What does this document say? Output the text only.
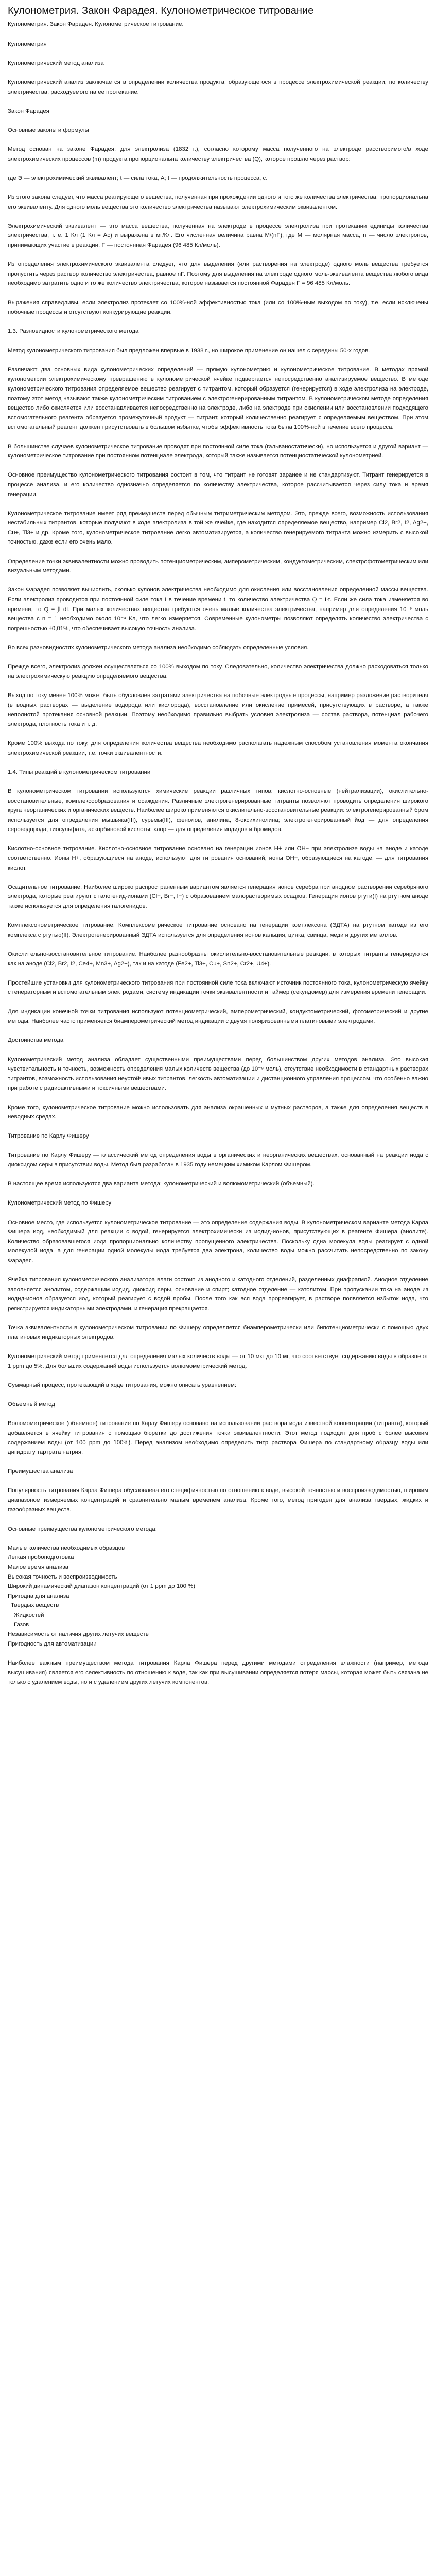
Кулонометрия. Закон Фарадея. Кулонометрическое титрование
Кулонометрия. Закон Фарадея. Кулонометрическое титрование.

Кулонометрия

Кулонометрический метод анализа

Кулонометрический анализ заключается в определении количества продукта, образующегося в процессе электрохимической реакции, по количеству электричества, расходуемого на ее протекание.

Закон Фарадея

Основные законы и формулы

Метод основан на законе Фарадея: для электролиза (1832 г.), согласно которому масса полученного на электроде расстворимого/в ходе электрохимических процессов (m) продукта пропорциональна количеству электричества (Q), которое прошло через раствор:

где Э — электрохимический эквивалент; t — сила тока, А; t — продолжительность процесса, с.

Из этого закона следует, что масса реагирующего вещества, полученная при прохождении одного и того же количества электричества, пропорциональна его эквиваленту. Для одного моль вещества это количество электричества называют электрохимическим эквивалентом.

Электрохимический эквивалент — это масса вещества, полученная на электроде в процессе электролиза при протекании единицы количества электричества, т. е. 1 Кл (1 Кл = Ас) и выражена в мг/Кл. Его численная величина равна М/(nF), где М — молярная масса, n — число электронов, принимающих участие в реакции, F — постоянная Фарадея (96 485 Кл/моль).

Из определения электрохимического эквивалента следует, что для выделения (или растворения на электроде) одного моль вещества требуется пропустить через раствор количество электричества, равное nF. Поэтому для выделения на электроде одного моль-эквивалента вещества любого вида необходимо затратить одно и то же количество электричества, которое называется постоянной Фарадея F = 96 485 Кл/моль.

Выражения справедливы, если электролиз протекает со 100%-ной эффективностью тока (или со 100%-ным выходом по току), т.е. если исключены побочные процессы и отсутствуют конкурирующие реакции.

1.3. Разновидности кулонометрического метода

Метод кулонометрического титрования был предложен впервые в 1938 г., но широкое применение он нашел с середины 50-х годов.

Различают два основных вида кулонометрических определений — прямую кулонометрию и кулонометрическое титрование. В методах прямой кулонометрии электрохимическому превращению в кулонометрической ячейке подвергается непосредственно анализируемое вещество. В методе кулонометрического титрования определяемое вещество реагирует с титрантом, который образуется (генерируется) в ходе электролиза на электроде, поэтому этот метод называют также кулонометрическим титрованием с электрогенерированным титрантом. В кулонометрическом методе определения вещество либо окисляется или восстанавливается непосредственно на электроде, либо на электроде при окислении или восстановлении подходящего вспомогательного реагента образуется промежуточный продукт — титрант, который количественно реагирует с определяемым веществом. При этом вспомогательный реагент должен присутствовать в большом избытке, чтобы эффективность тока была 100%-ной в течение всего процесса.

В большинстве случаев кулонометрическое титрование проводят при постоянной силе тока (гальваностатически), но используется и другой вариант — кулонометрическое титрование при постоянном потенциале электрода, который также называется потенциостатической кулонометрией.

Основное преимущество кулонометрического титрования состоит в том, что титрант не готовят заранее и не стандартизуют. Титрант генерируется в процессе анализа, и его количество однозначно определяется по количеству электричества, которое рассчитывается через силу тока и время генерации.

Кулонометрическое титрование имеет ряд преимуществ перед обычным титриметрическим методом. Это, прежде всего, возможность использования нестабильных титрантов, которые получают в ходе электролиза в той же ячейке, где находится определяемое вещество, например Cl2, Br2, I2, Ag2+, Cu+, Ti3+ и др. Кроме того, кулонометрическое титрование легко автоматизируется, а количество генерируемого титранта можно измерить с высокой точностью, даже если его очень мало.

Определение точки эквивалентности можно проводить потенциометрическим, амперометрическим, кондуктометрическим, спектрофотометрическим или визуальным методами.

Закон Фарадея позволяет вычислить, сколько кулонов электричества необходимо для окисления или восстановления определенной массы вещества. Если электролиз проводится при постоянной силе тока I в течение времени t, то количество электричества Q = I·t. Если же сила тока изменяется во времени, то Q = ∫I dt. При малых количествах вещества требуются очень малые количества электричества, например для определения 10⁻⁹ моль вещества с n = 1 необходимо около 10⁻⁴ Кл, что легко измеряется. Современные кулонометры позволяют определять количество электричества с погрешностью ±0,01%, что обеспечивает высокую точность анализа.

Во всех разновидностях кулонометрического метода анализа необходимо соблюдать определенные условия.

Прежде всего, электролиз должен осуществляться со 100% выходом по току. Следовательно, количество электричества должно расходоваться только на электрохимическую реакцию определяемого вещества.

Выход по току менее 100% может быть обусловлен затратами электричества на побочные электродные процессы, например разложение растворителя (в водных растворах — выделение водорода или кислорода), восстановление или окисление примесей, присутствующих в растворе, а также неполнотой протекания основной реакции. Поэтому необходимо правильно выбрать условия электролиза — состав раствора, потенциал рабочего электрода, плотность тока и т. д.

Кроме 100% выхода по току, для определения количества вещества необходимо располагать надежным способом установления момента окончания электрохимической реакции, т.е. точки эквивалентности.

1.4. Типы реакций в кулонометрическом титровании

В кулонометрическом титровании используются химические реакции различных типов: кислотно-основные (нейтрализации), окислительно-восстановительные, комплексообразования и осаждения. Различные электрогенерированные титранты позволяют проводить определения широкого круга неорганических и органических веществ. Наиболее широко применяются окислительно-восстановительные реакции: электрогенерированный бром используется для определения мышьяка(III), сурьмы(III), фенолов, анилина, 8-оксихинолина; электрогенерированный йод — для определения сероводорода, тиосульфата, аскорбиновой кислоты; хлор — для определения иодидов и бромидов.

Кислотно-основное титрование. Кислотно-основное титрование основано на генерации ионов H+ или OH− при электролизе воды на аноде и катоде соответственно. Ионы H+, образующиеся на аноде, используют для титрования оснований; ионы OH−, образующиеся на катоде, — для титрования кислот.

Осадительное титрование. Наиболее широко распространенным вариантом является генерация ионов серебра при анодном растворении серебряного электрода, которые реагируют с галогенид-ионами (Cl−, Br−, I−) с образованием малорастворимых осадков. Генерация ионов ртути(I) на ртутном аноде также используется для определения галогенидов.

Комплексонометрическое титрование. Комплексометрическое титрование основано на генерации комплексона (ЭДТА) на ртутном катоде из его комплекса с ртутью(II). Электрогенерированный ЭДТА используется для определения ионов кальция, цинка, свинца, меди и других металлов.

Окислительно-восстановительное титрование. Наиболее разнообразны окислительно-восстановительные реакции, в которых титранты генерируются как на аноде (Cl2, Br2, I2, Ce4+, Mn3+, Ag2+), так и на катоде (Fe2+, Ti3+, Cu+, Sn2+, Cr2+, U4+).

Простейшие установки для кулонометрического титрования при постоянной силе тока включают источник постоянного тока, кулонометрическую ячейку с генераторным и вспомогательным электродами, систему индикации точки эквивалентности и таймер (секундомер) для измерения времени генерации.

Для индикации конечной точки титрования используют потенциометрический, амперометрический, кондуктометрический, фотометрический и другие методы. Наиболее часто применяется биамперометрический метод индикации с двумя поляризованными платиновыми электродами.

Достоинства метода

Кулонометрический метод анализа обладает существенными преимуществами перед большинством других методов анализа. Это высокая чувствительность и точность, возможность определения малых количеств вещества (до 10⁻⁹ моль), отсутствие необходимости в стандартных растворах титрантов, возможность использования неустойчивых титрантов, легкость автоматизации и дистанционного управления процессом, что особенно важно при работе с радиоактивными и токсичными веществами.

Кроме того, кулонометрическое титрование можно использовать для анализа окрашенных и мутных растворов, а также для определения веществ в неводных средах.

Титрование по Карлу Фишеру

Титрование по Карлу Фишеру — классический метод определения воды в органических и неорганических веществах, основанный на реакции иода с диоксидом серы в присутствии воды. Метод был разработан в 1935 году немецким химиком Карлом Фишером.

В настоящее время используются два варианта метода: кулонометрический и волюмометрический (объемный).

Кулонометрический метод по Фишеру

Основное место, где используется кулонометрическое титрование — это определение содержания воды. В кулонометрическом варианте метода Карла Фишера иод, необходимый для реакции с водой, генерируется электрохимически из иодид-ионов, присутствующих в реагенте Фишера (анолите). Количество образовавшегося иода пропорционально количеству пропущенного электричества. Поскольку одна молекула воды реагирует с одной молекулой иода, а для генерации одной молекулы иода требуется два электрона, количество воды можно рассчитать непосредственно по закону Фарадея.

Ячейка титрования кулонометрического анализатора влаги состоит из анодного и катодного отделений, разделенных диафрагмой. Анодное отделение заполняется анолитом, содержащим иодид, диоксид серы, основание и спирт; катодное отделение — католитом. При пропускании тока на аноде из иодид-ионов образуется иод, который реагирует с водой пробы. После того как вся вода прореагирует, в растворе появляется избыток иода, что регистрируется индикаторными электродами, и генерация прекращается.

Точка эквивалентности в кулонометрическом титровании по Фишеру определяется биамперометрически или бипотенциометрически с помощью двух платиновых индикаторных электродов.

Кулонометрический метод применяется для определения малых количеств воды — от 10 мкг до 10 мг, что соответствует содержанию воды в образце от 1 ppm до 5%. Для больших содержаний воды используется волюмометрический метод.

Суммарный процесс, протекающий в ходе титрования, можно описать уравнением:

Объемный метод

Волюмометрическое (объемное) титрование по Карлу Фишеру основано на использовании раствора иода известной концентрации (титранта), который добавляется в ячейку титрования с помощью бюретки до достижения точки эквивалентности. Этот метод подходит для проб с более высоким содержанием воды (от 100 ppm до 100%). Перед анализом необходимо определить титр раствора Фишера по стандартному образцу воды или дигидрату тартрата натрия.

Преимущества анализа

Популярность титрования Карла Фишера обусловлена его специфичностью по отношению к воде, высокой точностью и воспроизводимостью, широким диапазоном измеряемых концентраций и сравнительно малым временем анализа. Кроме того, метод пригоден для анализа твердых, жидких и газообразных веществ.

Основные преимущества кулонометрического метода:

Малые количества необходимых образцов
Легкая пробоподготовка
Малое время анализа
Высокая точность и воспроизводимость
Широкий динамический диапазон концентраций (от 1 ppm до 100 %)
Пригодна для анализа
Твердых веществ
Жидкостей
Газов
Независимость от наличия других летучих веществ
Пригодность для автоматизации

Наиболее важным преимуществом метода титрования Карла Фишера перед другими методами определения влажности (например, метода высушивания) является его селективность по отношению к воде, так как при высушивании определяется потеря массы, которая может быть связана не только с удалением воды, но и с удалением других летучих компонентов.
